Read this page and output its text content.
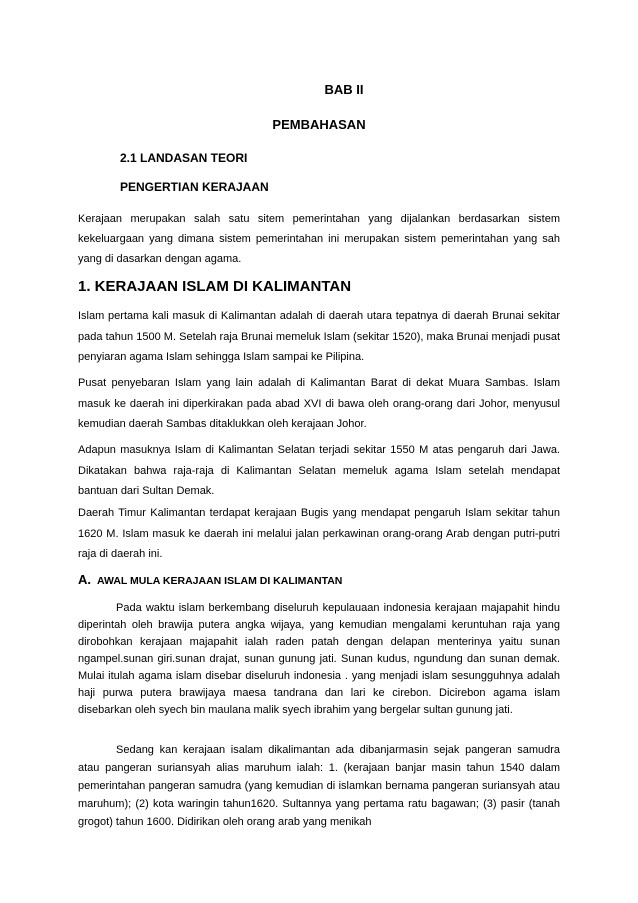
BAB II
PEMBAHASAN
2.1 LANDASAN TEORI
PENGERTIAN KERAJAAN
Kerajaan merupakan salah satu sitem pemerintahan yang dijalankan berdasarkan sistem kekeluargaan yang dimana sistem pemerintahan ini merupakan sistem pemerintahan yang sah yang di dasarkan dengan agama.
1. KERAJAAN ISLAM DI KALIMANTAN
Islam pertama kali masuk di Kalimantan adalah di daerah utara tepatnya di daerah Brunai sekitar pada tahun 1500 M. Setelah raja Brunai memeluk Islam (sekitar 1520), maka Brunai menjadi pusat penyiaran agama Islam sehingga Islam sampai ke Pilipina.
Pusat penyebaran Islam yang lain adalah di Kalimantan Barat di dekat Muara Sambas. Islam masuk ke daerah ini diperkirakan pada abad XVI di bawa oleh orang-orang dari Johor, menyusul kemudian daerah Sambas ditaklukkan oleh kerajaan Johor.
Adapun masuknya Islam di Kalimantan Selatan terjadi sekitar 1550 M atas pengaruh dari Jawa. Dikatakan bahwa raja-raja di Kalimantan Selatan memeluk agama Islam setelah mendapat bantuan dari Sultan Demak.
Daerah Timur Kalimantan terdapat kerajaan Bugis yang mendapat pengaruh Islam sekitar tahun 1620 M. Islam masuk ke daerah ini melalui jalan perkawinan orang-orang Arab dengan putri-putri raja di daerah ini.
A. AWAL MULA KERAJAAN ISLAM DI KALIMANTAN
Pada waktu islam berkembang diseluruh kepulauaan indonesia kerajaan majapahit hindu diperintah oleh brawija putera angka wijaya, yang kemudian mengalami keruntuhan raja yang dirobohkan kerajaan majapahit ialah raden patah dengan delapan menterinya yaitu sunan ngampel.sunan giri.sunan drajat, sunan gunung jati. Sunan kudus, ngundung dan sunan demak. Mulai itulah agama islam disebar diseluruh indonesia . yang menjadi islam sesungguhnya adalah haji purwa putera brawijaya maesa tandrana dan lari ke cirebon. Dicirebon agama islam disebarkan oleh syech bin maulana malik syech ibrahim yang bergelar sultan gunung jati.
Sedang kan kerajaan isalam dikalimantan ada dibanjarmasin sejak pangeran samudra atau pangeran suriansyah alias maruhum ialah: 1. (kerajaan banjar masin tahun 1540 dalam pemerintahan pangeran samudra (yang kemudian di islamkan bernama pangeran suriansyah atau maruhum); (2) kota waringin tahun1620. Sultannya yang pertama ratu bagawan; (3) pasir (tanah grogot) tahun 1600. Didirikan oleh orang arab yang menikah
